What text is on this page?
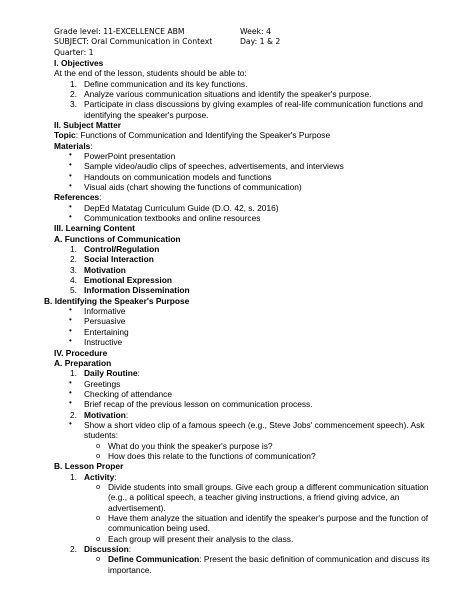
Grade level: 11-EXCELLENCE ABM	Week: 4
SUBJECT: Oral Communication in Context	Day: 1 & 2
Quarter: 1
I. Objectives
At the end of the lesson, students should be able to:
1. Define communication and its key functions.
2. Analyze various communication situations and identify the speaker's purpose.
3. Participate in class discussions by giving examples of real-life communication functions and identifying the speaker's purpose.
II. Subject Matter
Topic: Functions of Communication and Identifying the Speaker's Purpose
Materials:
• PowerPoint presentation
• Sample video/audio clips of speeches, advertisements, and interviews
• Handouts on communication models and functions
• Visual aids (chart showing the functions of communication)
References:
• DepEd Matatag Curriculum Guide (D.O. 42, s. 2016)
• Communication textbooks and online resources
III. Learning Content
A. Functions of Communication
1. Control/Regulation
2. Social Interaction
3. Motivation
4. Emotional Expression
5. Information Dissemination
B. Identifying the Speaker's Purpose
• Informative
• Persuasive
• Entertaining
• Instructive
IV. Procedure
A. Preparation
1. Daily Routine:
• Greetings
• Checking of attendance
• Brief recap of the previous lesson on communication process.
2. Motivation:
• Show a short video clip of a famous speech (e.g., Steve Jobs' commencement speech). Ask students:
o What do you think the speaker's purpose is?
o How does this relate to the functions of communication?
B. Lesson Proper
1. Activity:
o Divide students into small groups. Give each group a different communication situation (e.g., a political speech, a teacher giving instructions, a friend giving advice, an advertisement).
o Have them analyze the situation and identify the speaker's purpose and the function of communication being used.
o Each group will present their analysis to the class.
2. Discussion:
o Define Communication: Present the basic definition of communication and discuss its importance.
